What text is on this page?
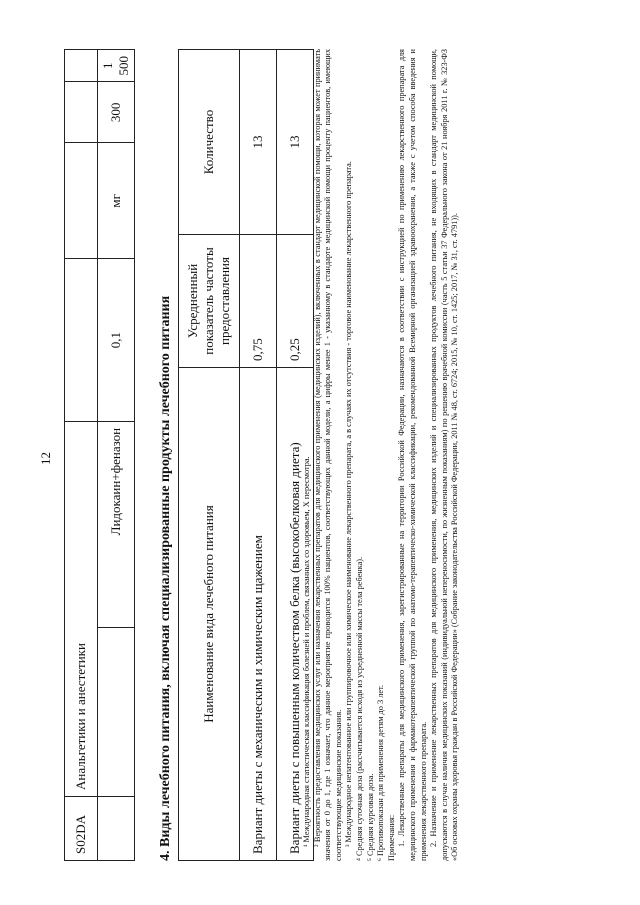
12
S02DA	Анальгетики и анестетики					
		Лидокаин+феназон	0,1	мг	300	1 500
4. Виды лечебного питания, включая специализированные продукты лечебного питания Наименование вида лечебного питания	Усредненный показатель частоты предоставления	Количество
Вариант диеты с механическим и химическим щажением	0,75	13
Вариант диеты с повышенным количеством белка (высокобелковая диета)	0,25	13

¹ Международная статистическая классификация болезней и проблем, связанных со здоровьем, X пересмотра. ² Вероятность предоставления медицинских услуг или назначения лекарственных препаратов для медицинского применения (медицинских изделий), включенных в стандарт медицинской помощи, которая может принимать значения от 0 до 1, где 1 означает, что данное мероприятие проводится 100% пациентов, соответствующих данной модели, а цифры менее 1 - указанному в стандарте медицинской помощи проценту пациентов, имеющих соответствующие медицинские показания. ³ Международное непатентованное или группировочное или химическое наименование лекарственного препарата, а в случаях их отсутствия - торговое наименование лекарственного препарата. ⁴ Средняя суточная доза (рассчитывается исходя из усредненной массы тела ребенка). ⁵ Средняя курсовая доза. ⁶ Противопоказан для применения детям до 3 лет. Примечания: 1. Лекарственные препараты для медицинского применения, зарегистрированные на территории Российской Федерации, назначаются в соответствии с инструкцией по применению лекарственного препарата для медицинского применения и фармакотерапевтической группой по анатомо-терапевтическо-химической классификации, рекомендованной Всемирной организацией здравоохранения, а также с учетом способа введения и применения лекарственного препарата. 2. Назначение и применение лекарственных препаратов для медицинского применения, медицинских изделий и специализированных продуктов лечебного питания, не входящих в стандарт медицинской помощи, допускаются в случае наличия медицинских показаний (индивидуальной непереносимости, по жизненным показаниям) по решению врачебной комиссии (часть 5 статьи 37 Федерального закона от 21 ноября 2011 г. № 323-ФЗ «Об основах охраны здоровья граждан в Российской Федерации» (Собрание законодательства Российской Федерации, 2011 № 48, ст. 6724; 2015, № 10, ст. 1425; 2017, № 31, ст. 4791)).
